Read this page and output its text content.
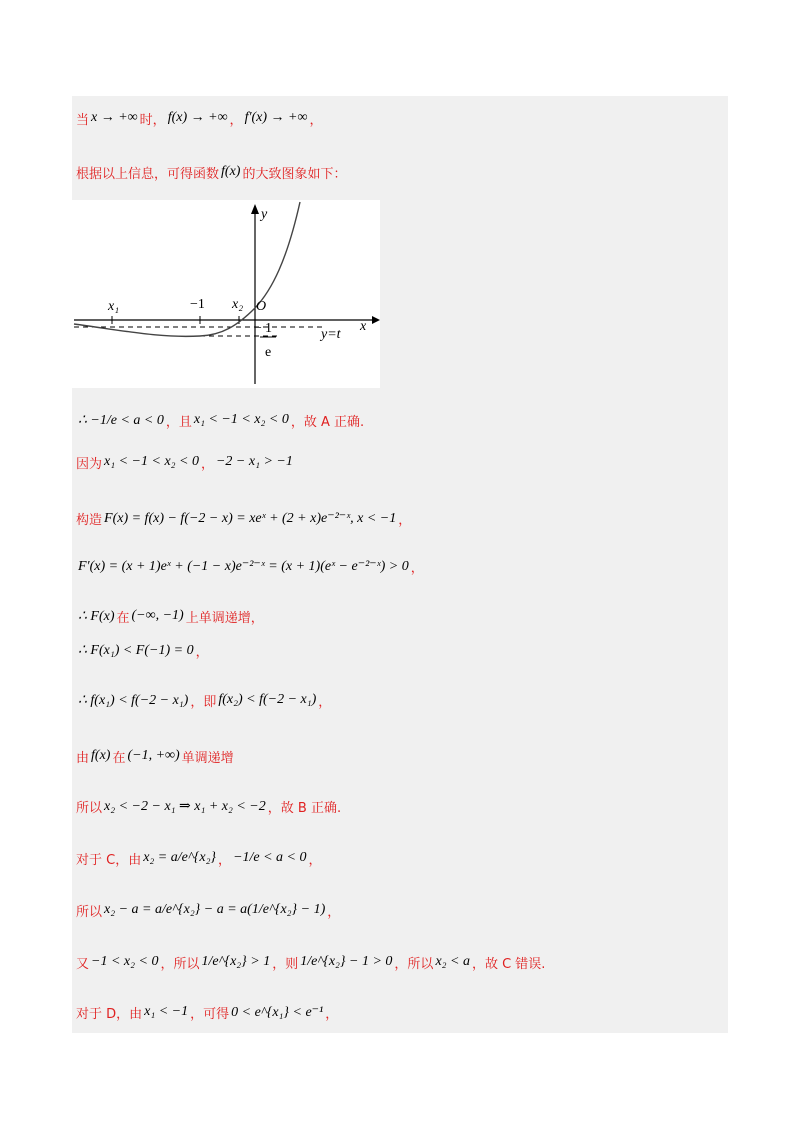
当 x → +∞ 时， f(x) → +∞ ， f′(x) → +∞ ，
根据以上信息，可得函数 f(x) 的大致图象如下：
y
x
x₁	−1 x₂ O
− 1
e
y=t
∴ −1/e < a < 0 ，且 x₁ < −1 < x₂ < 0 ，故 A 正确.
因为 x₁ < −1 < x₂ < 0 ， −2 − x₁ > −1
构造 F(x) = f(x) − f(−2 − x) = xeˣ + (2 + x)e⁻²⁻ˣ, x < −1 ，
F′(x) = (x + 1)eˣ + (−1 − x)e⁻²⁻ˣ = (x + 1)(eˣ − e⁻²⁻ˣ) > 0 ，
∴ F(x) 在 (−∞, −1) 上单调递增，
∴ F(x₁) < F(−1) = 0 ，
∴ f(x₁) < f(−2 − x₁) ，即 f(x₂) < f(−2 − x₁) ，
由 f(x) 在 (−1, +∞) 单调递增
所以 x₂ < −2 − x₁ ⇒ x₁ + x₂ < −2 ，故 B 正确.
对于 C，由 x₂ = a/e^{x₂} ， −1/e < a < 0 ，
所以 x₂ − a = a/e^{x₂} − a = a(1/e^{x₂} − 1) ，
又 −1 < x₂ < 0 ，所以 1/e^{x₂} > 1 ，则 1/e^{x₂} − 1 > 0 ，所以 x₂ < a ，故 C 错误.
对于 D，由 x₁ < −1 ，可得 0 < e^{x₁} < e⁻¹ ，
